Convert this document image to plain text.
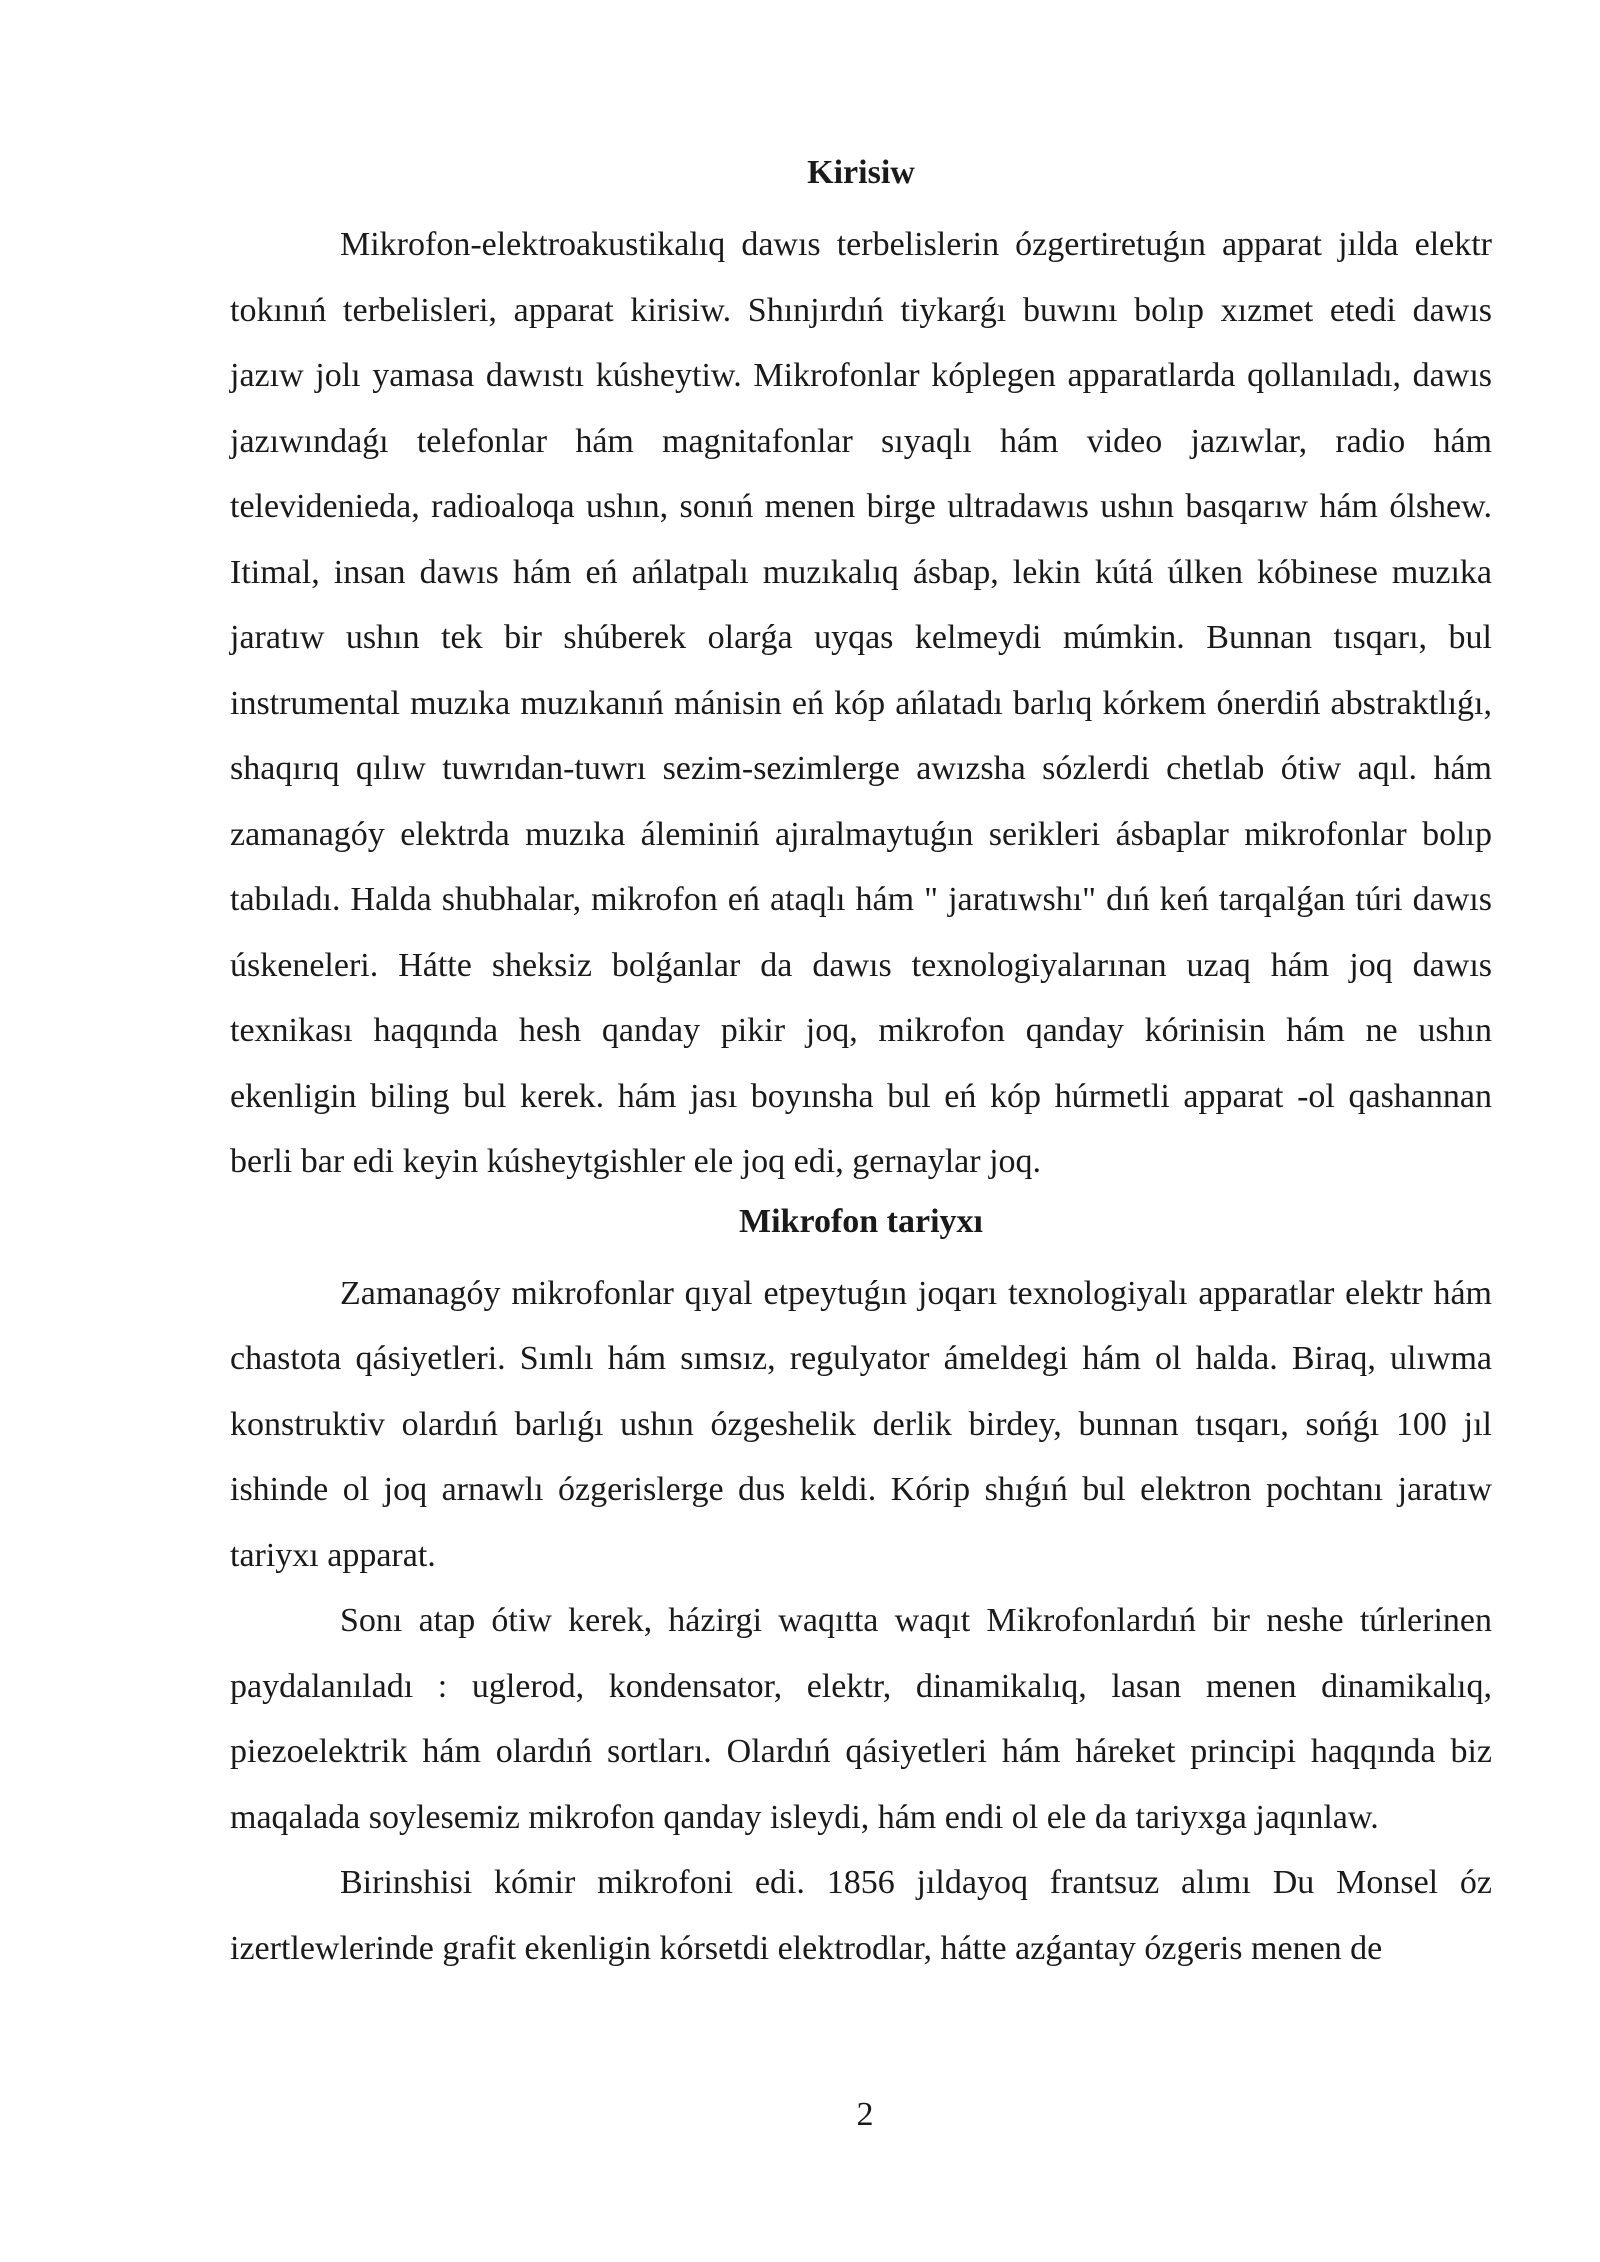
Kirisiw

Mikrofon-elektroakustikalıq dawıs terbelislerin ózgertiretuǵın apparat jılda elektr tokınıń terbelisleri, apparat kirisiw. Shınjırdıń tiykarǵı buwını bolıp xızmet etedi dawıs jazıw jolı yamasa dawıstı kúsheytiw. Mikrofonlar kóplegen apparatlarda qollanıladı, dawıs jazıwındaǵı telefonlar hám magnitafonlar sıyaqlı hám video jazıwlar, radio hám televidenieda, radioaloqa ushın, sonıń menen birge ultradawıs ushın basqarıw hám ólshew. Itimal, insan dawıs hám eń ańlatpalı muzıkalıq ásbap, lekin kútá úlken kóbinese muzıka jaratıw ushın tek bir shúberek olarǵa uyqas kelmeydi múmkin. Bunnan tısqarı, bul instrumental muzıka muzıkanıń mánisin eń kóp ańlatadı barlıq kórkem ónerdiń abstraktlıǵı, shaqırıq qılıw tuwrıdan-tuwrı sezim-sezimlerge awızsha sózlerdi chetlab ótiw aqıl. hám zamanagóy elektrda muzıka áleminiń ajıralmaytuǵın serikleri ásbaplar mikrofonlar bolıp tabıladı. Halda shubhalar, mikrofon eń ataqlı hám " jaratıwshı" dıń keń tarqalǵan túri dawıs úskeneleri. Hátte sheksiz bolǵanlar da dawıs texnologiyalarınan uzaq hám joq dawıs texnikası haqqında hesh qanday pikir joq, mikrofon qanday kórinisin hám ne ushın ekenligin biling bul kerek. hám jası boyınsha bul eń kóp húrmetli apparat -ol qashannan berli bar edi keyin kúsheytgishler ele joq edi, gernaylar joq.

Mikrofon tariyxı

Zamanagóy mikrofonlar qıyal etpeytuǵın joqarı texnologiyalı apparatlar elektr hám chastota qásiyetleri. Sımlı hám sımsız, regulyator ámeldegi hám ol halda. Biraq, ulıwma konstruktiv olardıń barlıǵı ushın ózgeshelik derlik birdey, bunnan tısqarı, sońǵı 100 jıl ishinde ol joq arnawlı ózgerislerge dus keldi. Kórip shıǵıń bul elektron pochtanı jaratıw tariyxı apparat.

Sonı atap ótiw kerek, házirgi waqıtta waqıt Mikrofonlardıń bir neshe túrlerinen paydalanıladı : uglerod, kondensator, elektr, dinamikalıq, lasan menen dinamikalıq, piezoelektrik hám olardıń sortları. Olardıń qásiyetleri hám háreket principi haqqında biz maqalada soylesemiz mikrofon qanday isleydi, hám endi ol ele da tariyxga jaqınlaw.

Birinshisi kómir mikrofoni edi. 1856 jıldayoq frantsuz alımı Du Monsel óz izertlewlerinde grafit ekenligin kórsetdi elektrodlar, hátte azǵantay ózgeris menen de

2
